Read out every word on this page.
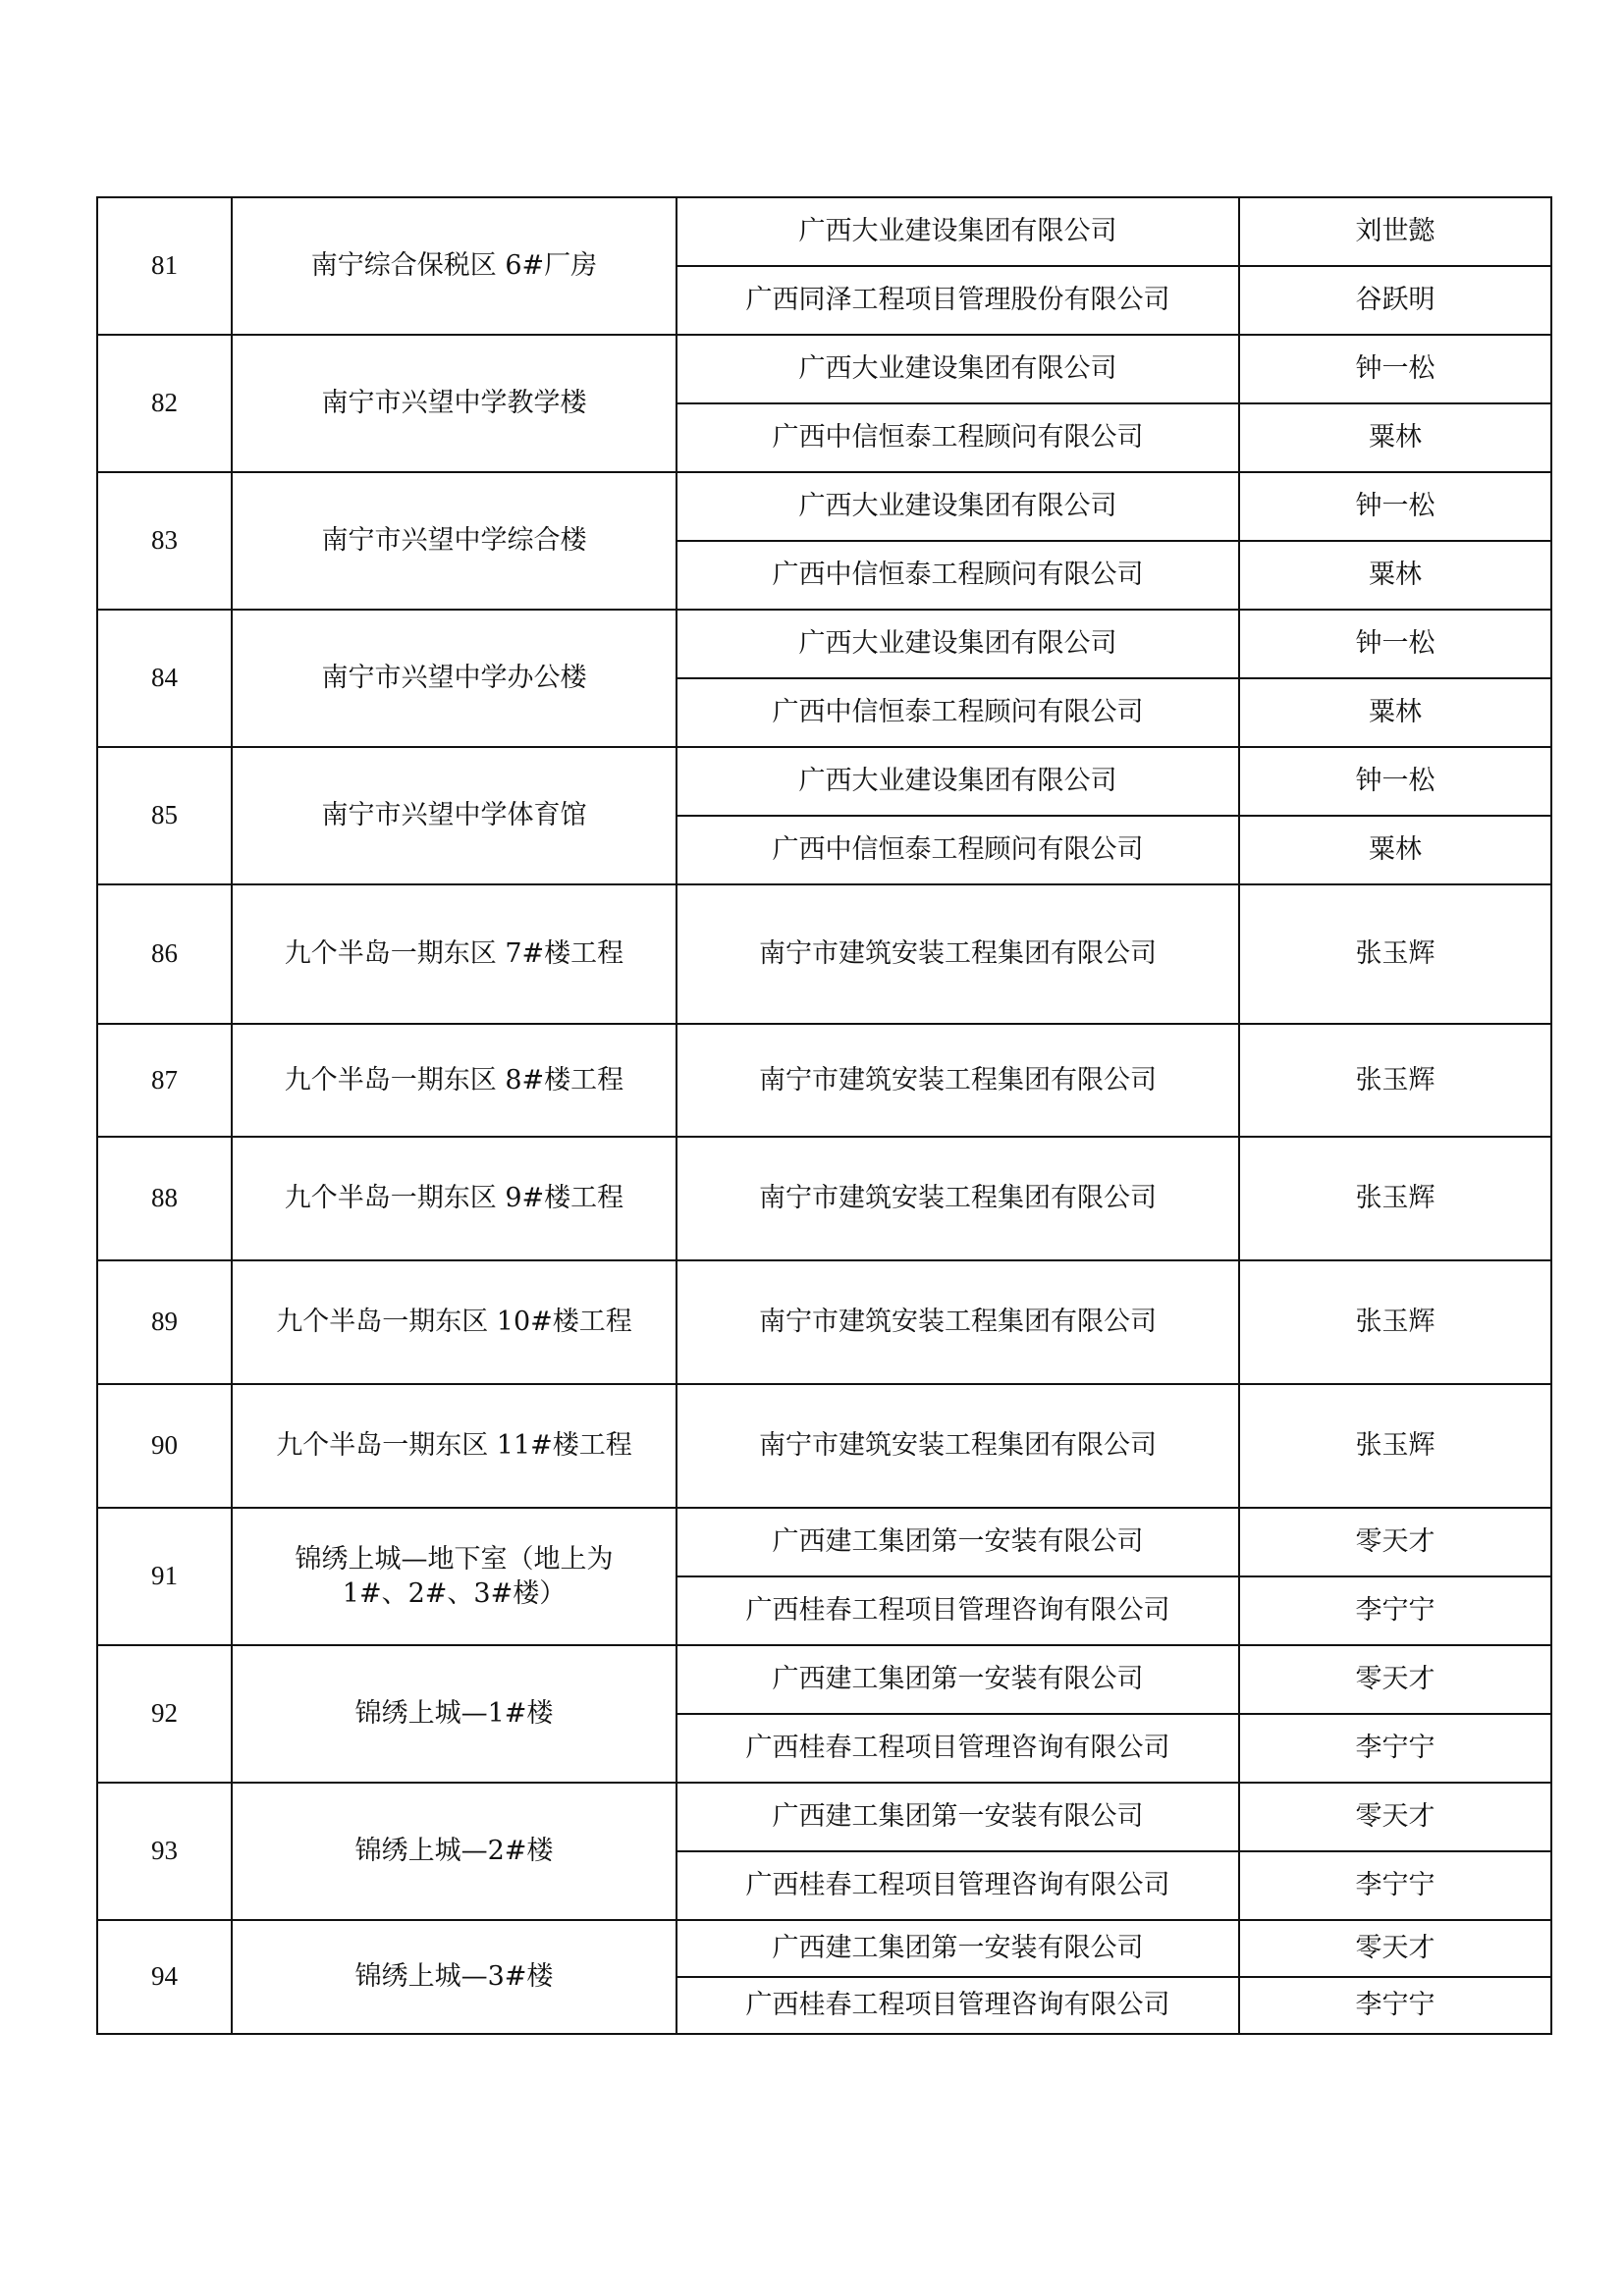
81	南宁综合保税区 6#厂房	广西大业建设集团有限公司	刘世懿
		广西同泽工程项目管理股份有限公司	谷跃明
82	南宁市兴望中学教学楼	广西大业建设集团有限公司	钟一松
		广西中信恒泰工程顾问有限公司	粟林
83	南宁市兴望中学综合楼	广西大业建设集团有限公司	钟一松
		广西中信恒泰工程顾问有限公司	粟林
84	南宁市兴望中学办公楼	广西大业建设集团有限公司	钟一松
		广西中信恒泰工程顾问有限公司	粟林
85	南宁市兴望中学体育馆	广西大业建设集团有限公司	钟一松
		广西中信恒泰工程顾问有限公司	粟林
86	九个半岛一期东区 7#楼工程	南宁市建筑安装工程集团有限公司	张玉辉
87	九个半岛一期东区 8#楼工程	南宁市建筑安装工程集团有限公司	张玉辉
88	九个半岛一期东区 9#楼工程	南宁市建筑安装工程集团有限公司	张玉辉
89	九个半岛一期东区 10#楼工程	南宁市建筑安装工程集团有限公司	张玉辉
90	九个半岛一期东区 11#楼工程	南宁市建筑安装工程集团有限公司	张玉辉
91	锦绣上城—地下室（地上为 1#、2#、3#楼）	广西建工集团第一安装有限公司	零天才
		广西桂春工程项目管理咨询有限公司	李宁宁
92	锦绣上城—1#楼	广西建工集团第一安装有限公司	零天才
		广西桂春工程项目管理咨询有限公司	李宁宁
93	锦绣上城—2#楼	广西建工集团第一安装有限公司	零天才
		广西桂春工程项目管理咨询有限公司	李宁宁
94	锦绣上城—3#楼	广西建工集团第一安装有限公司	零天才
		广西桂春工程项目管理咨询有限公司	李宁宁
